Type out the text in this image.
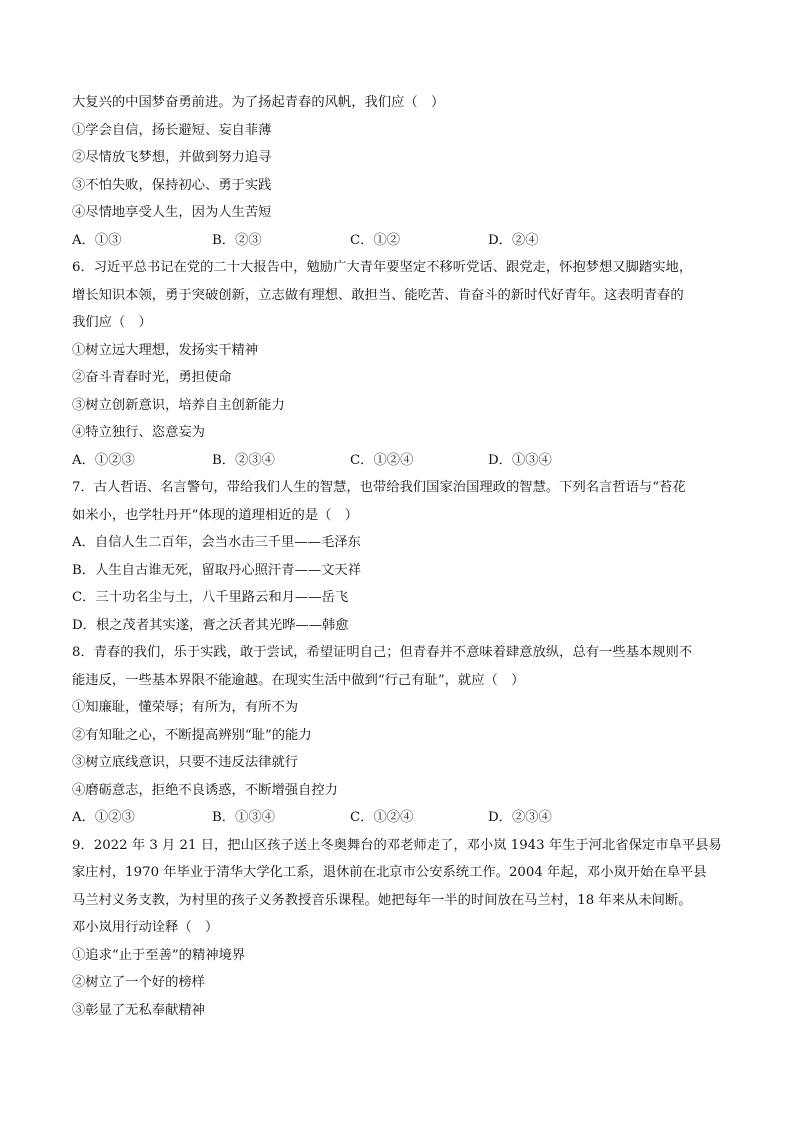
大复兴的中国梦奋勇前进。为了扬起青春的风帆，我们应（　）
①学会自信，扬长避短、妄自菲薄
②尽情放飞梦想，并做到努力追寻
③不怕失败，保持初心、勇于实践
④尽情地享受人生，因为人生苦短
A．①③	B．②③	C．①②	D．②④
6．习近平总书记在党的二十大报告中，勉励广大青年要坚定不移听党话、跟党走，怀抱梦想又脚踏实地，
增长知识本领，勇于突破创新，立志做有理想、敢担当、能吃苦、肯奋斗的新时代好青年。这表明青春的
我们应（　）
①树立远大理想，发扬实干精神
②奋斗青春时光，勇担使命
③树立创新意识，培养自主创新能力
④特立独行、恣意妄为
A．①②③	B．②③④	C．①②④	D．①③④
7．古人哲语、名言警句，带给我们人生的智慧，也带给我们国家治国理政的智慧。下列名言哲语与“苔花
如米小，也学牡丹开”体现的道理相近的是（　）
A．自信人生二百年，会当水击三千里——毛泽东
B．人生自古谁无死，留取丹心照汗青——文天祥
C．三十功名尘与土，八千里路云和月——岳飞
D．根之茂者其实遂，膏之沃者其光晔——韩愈
8．青春的我们，乐于实践，敢于尝试，希望证明自己；但青春并不意味着肆意放纵，总有一些基本规则不
能违反，一些基本界限不能逾越。在现实生活中做到“行己有耻”，就应（　）
①知廉耻，懂荣辱；有所为，有所不为
②有知耻之心，不断提高辨别“耻”的能力
③树立底线意识，只要不违反法律就行
④磨砺意志，拒绝不良诱惑，不断增强自控力
A．①②③	B．①③④	C．①②④	D．②③④
9．2022 年 3 月 21 日，把山区孩子送上冬奥舞台的邓老师走了，邓小岚 1943 年生于河北省保定市阜平县易
家庄村，1970 年毕业于清华大学化工系，退休前在北京市公安系统工作。2004 年起，邓小岚开始在阜平县
马兰村义务支教，为村里的孩子义务教授音乐课程。她把每年一半的时间放在马兰村，18 年来从未间断。
邓小岚用行动诠释（　）
①追求“止于至善”的精神境界
②树立了一个好的榜样
③彰显了无私奉献精神
